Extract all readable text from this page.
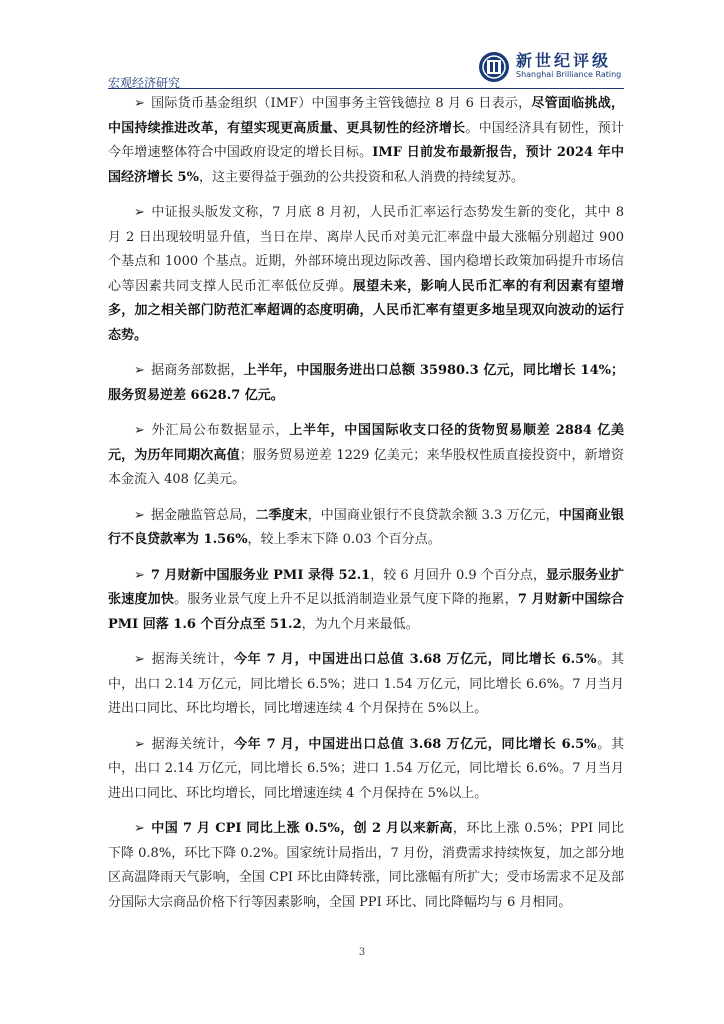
宏观经济研究
新世纪评级
Shanghai Brilliance Rating

➢ 国际货币基金组织（IMF）中国事务主管钱德拉 8 月 6 日表示，尽管面临挑战，中国持续推进改革，有望实现更高质量、更具韧性的经济增长。中国经济具有韧性，预计今年增速整体符合中国政府设定的增长目标。IMF 日前发布最新报告，预计 2024 年中国经济增长 5%，这主要得益于强劲的公共投资和私人消费的持续复苏。

➢ 中证报头版发文称，7 月底 8 月初，人民币汇率运行态势发生新的变化，其中 8 月 2 日出现较明显升值，当日在岸、离岸人民币对美元汇率盘中最大涨幅分别超过 900 个基点和 1000 个基点。近期，外部环境出现边际改善、国内稳增长政策加码提升市场信心等因素共同支撑人民币汇率低位反弹。展望未来，影响人民币汇率的有利因素有望增多，加之相关部门防范汇率超调的态度明确，人民币汇率有望更多地呈现双向波动的运行态势。

➢ 据商务部数据，上半年，中国服务进出口总额 35980.3 亿元，同比增长 14%；服务贸易逆差 6628.7 亿元。

➢ 外汇局公布数据显示，上半年，中国国际收支口径的货物贸易顺差 2884 亿美元，为历年同期次高值；服务贸易逆差 1229 亿美元；来华股权性质直接投资中，新增资本金流入 408 亿美元。

➢ 据金融监管总局，二季度末，中国商业银行不良贷款余额 3.3 万亿元，中国商业银行不良贷款率为 1.56%，较上季末下降 0.03 个百分点。

➢ 7 月财新中国服务业 PMI 录得 52.1，较 6 月回升 0.9 个百分点，显示服务业扩张速度加快。服务业景气度上升不足以抵消制造业景气度下降的拖累，7 月财新中国综合 PMI 回落 1.6 个百分点至 51.2，为九个月来最低。

➢ 据海关统计，今年 7 月，中国进出口总值 3.68 万亿元，同比增长 6.5%。其中，出口 2.14 万亿元，同比增长 6.5%；进口 1.54 万亿元，同比增长 6.6%。7 月当月进出口同比、环比均增长，同比增速连续 4 个月保持在 5%以上。

➢ 据海关统计，今年 7 月，中国进出口总值 3.68 万亿元，同比增长 6.5%。其中，出口 2.14 万亿元，同比增长 6.5%；进口 1.54 万亿元，同比增长 6.6%。7 月当月进出口同比、环比均增长，同比增速连续 4 个月保持在 5%以上。

➢ 中国 7 月 CPI 同比上涨 0.5%，创 2 月以来新高，环比上涨 0.5%；PPI 同比下降 0.8%，环比下降 0.2%。国家统计局指出，7 月份，消费需求持续恢复，加之部分地区高温降雨天气影响，全国 CPI 环比由降转涨，同比涨幅有所扩大；受市场需求不足及部分国际大宗商品价格下行等因素影响，全国 PPI 环比、同比降幅均与 6 月相同。

3
